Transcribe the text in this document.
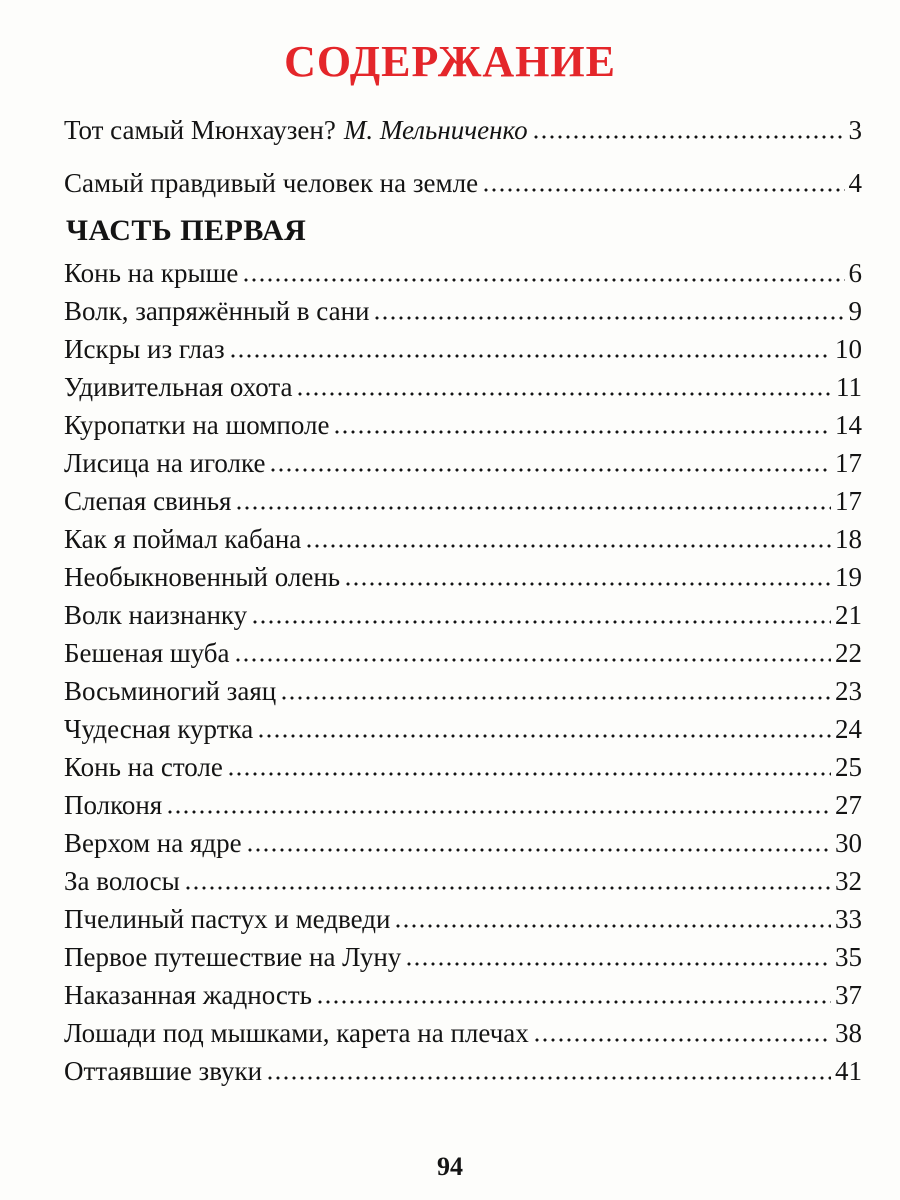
СОДЕРЖАНИЕ
Тот самый Мюнхаузен? М. Мельниченко	3
Самый правдивый человек на земле	4
ЧАСТЬ ПЕРВАЯ
Конь на крыше	6
Волк, запряжённый в сани	9
Искры из глаз	10
Удивительная охота	11
Куропатки на шомполе	14
Лисица на иголке	17
Слепая свинья	17
Как я поймал кабана	18
Необыкновенный олень	19
Волк наизнанку	21
Бешеная шуба	22
Восьминогий заяц	23
Чудесная куртка	24
Конь на столе	25
Полконя	27
Верхом на ядре	30
За волосы	32
Пчелиный пастух и медведи	33
Первое путешествие на Луну	35
Наказанная жадность	37
Лошади под мышками, карета на плечах	38
Оттаявшие звуки	41
94
